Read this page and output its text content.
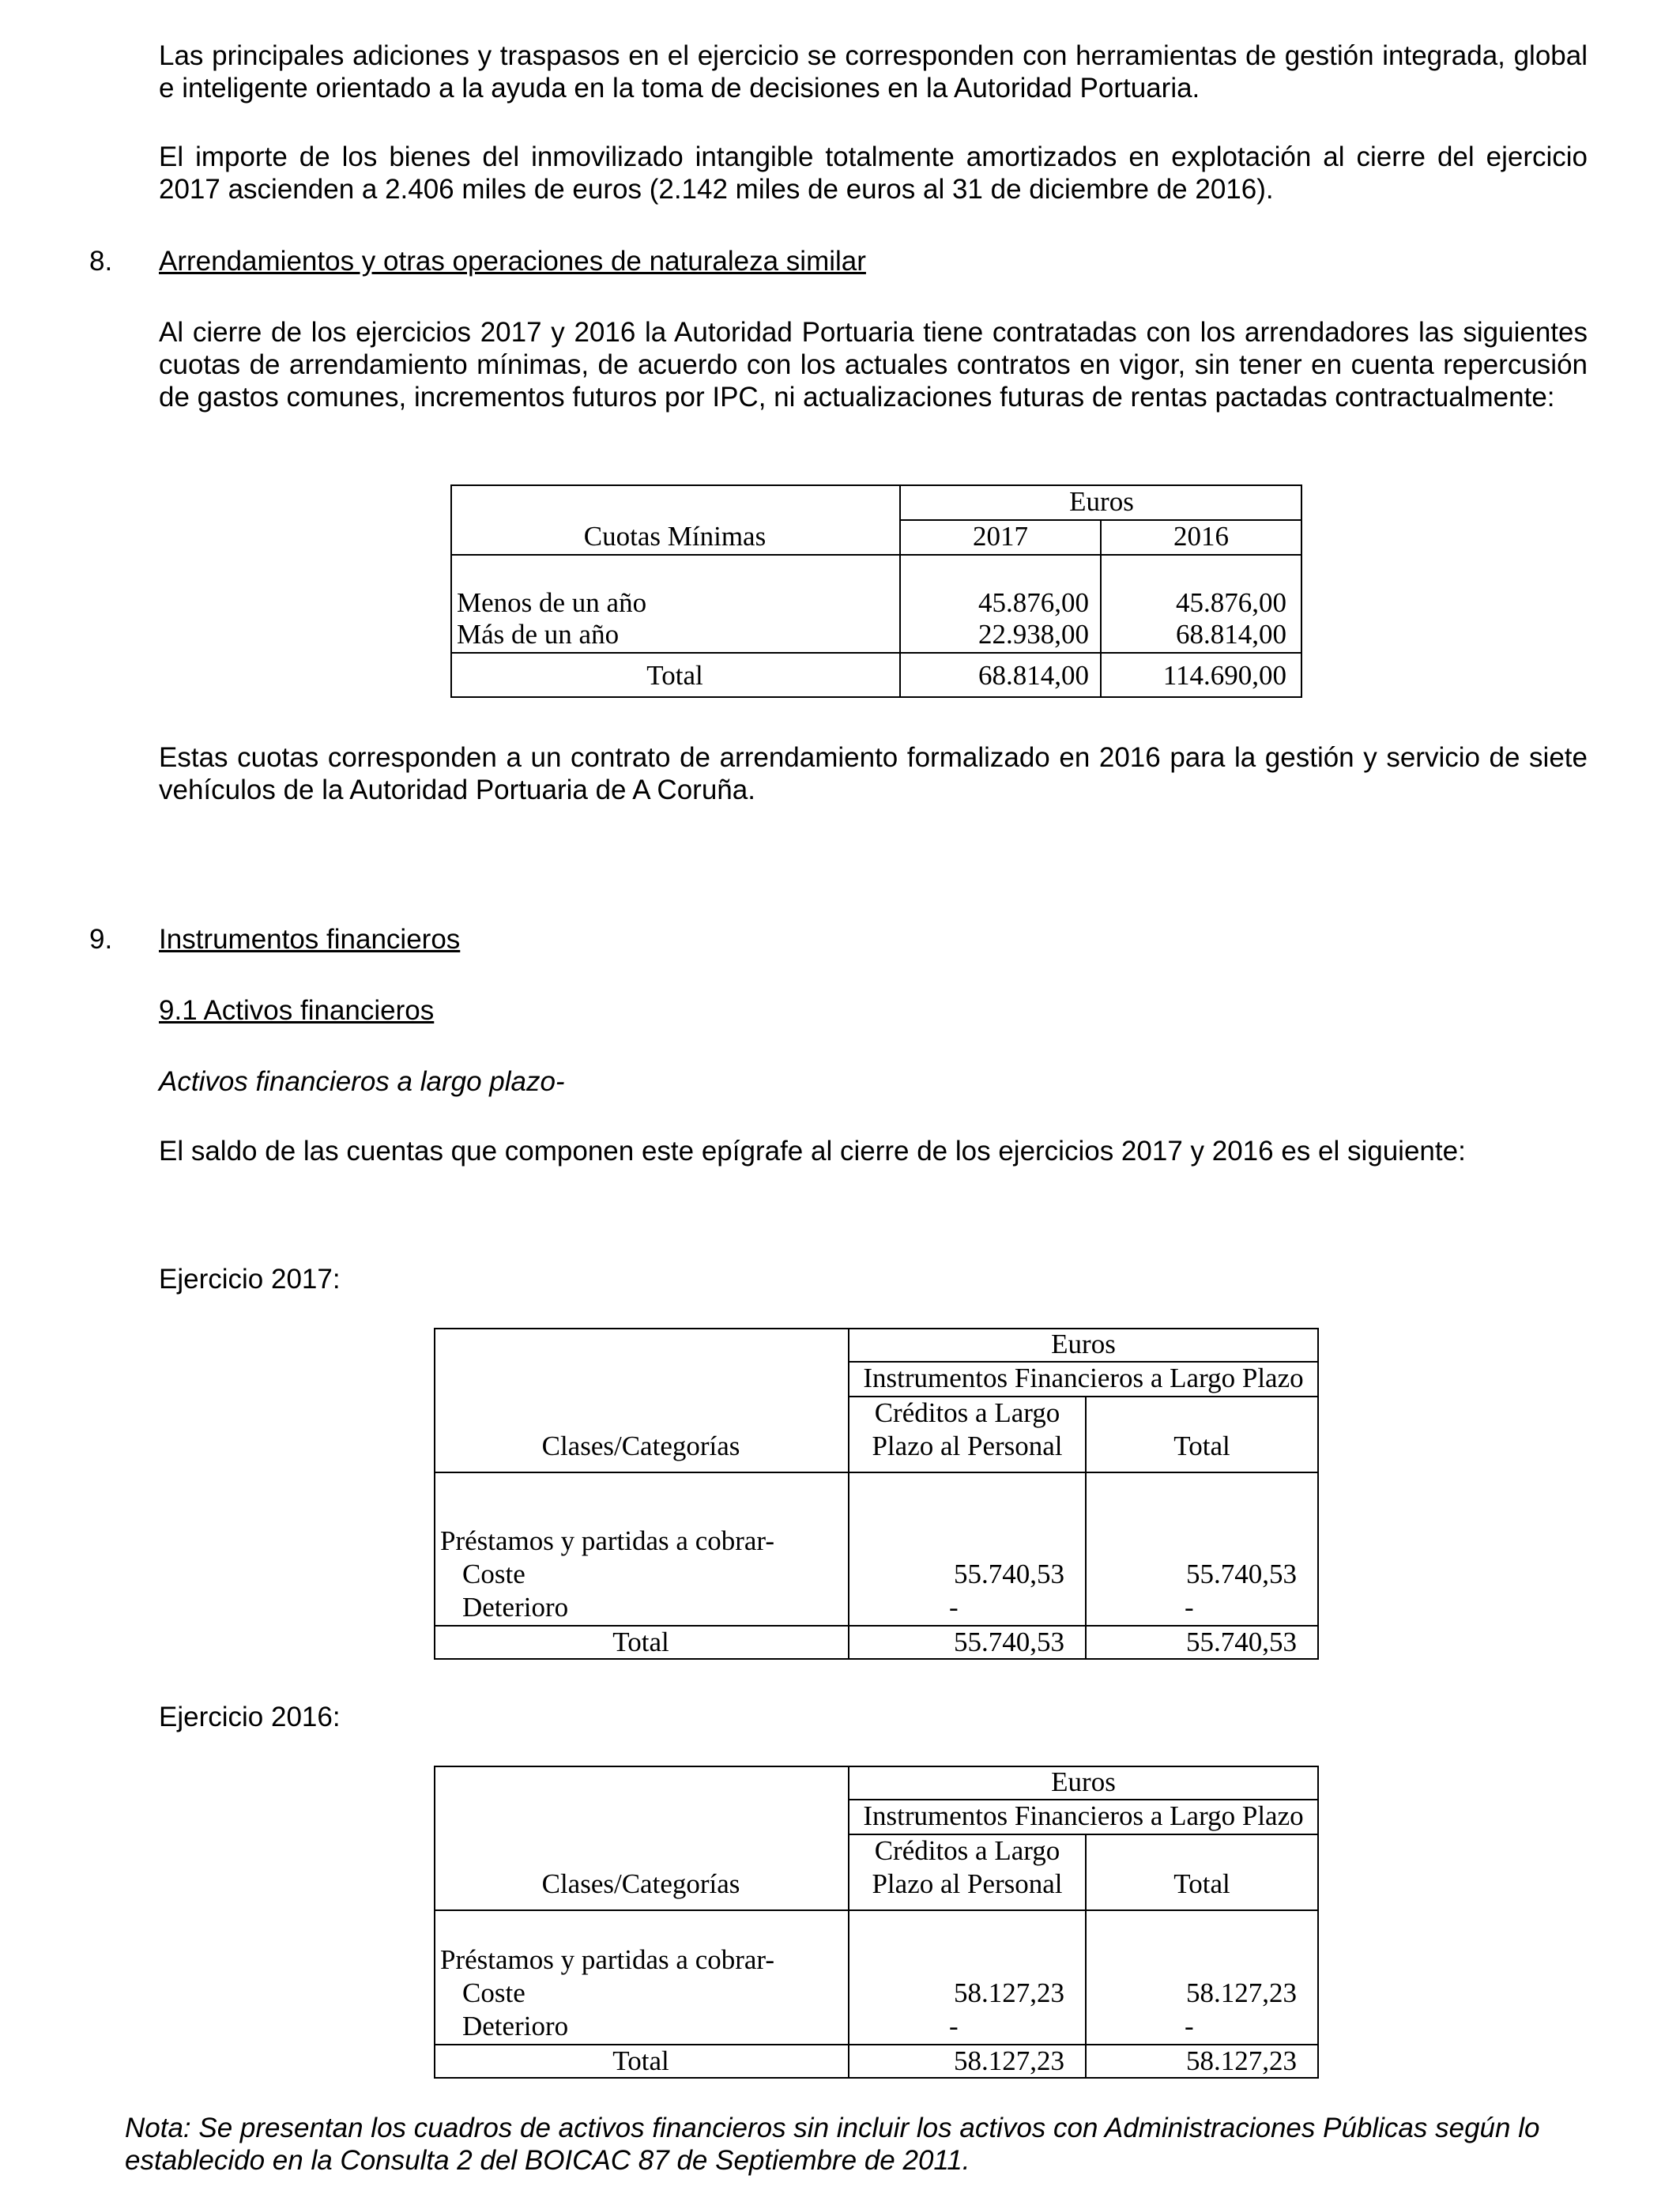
Las principales adiciones y traspasos en el ejercicio se corresponden con herramientas de gestión integrada, global e inteligente orientado a la ayuda en la toma de decisiones en la Autoridad Portuaria.
El importe de los bienes del inmovilizado intangible totalmente amortizados en explotación al cierre del ejercicio 2017 ascienden a 2.406 miles de euros (2.142 miles de euros al 31 de diciembre de 2016).
8. Arrendamientos y otras operaciones de naturaleza similar
Al cierre de los ejercicios 2017 y 2016 la Autoridad Portuaria tiene contratadas con los arrendadores las siguientes cuotas de arrendamiento mínimas, de acuerdo con los actuales contratos en vigor, sin tener en cuenta repercusión de gastos comunes, incrementos futuros por IPC, ni actualizaciones futuras de rentas pactadas contractualmente:
Euros
Cuotas Mínimas	2017	2016
Menos de un año	45.876,00	45.876,00
Más de un año	22.938,00	68.814,00
Total	68.814,00	114.690,00
Estas cuotas corresponden a un contrato de arrendamiento formalizado en 2016 para la gestión y servicio de siete vehículos de la Autoridad Portuaria de A Coruña.
9. Instrumentos financieros
9.1 Activos financieros
Activos financieros a largo plazo-
El saldo de las cuentas que componen este epígrafe al cierre de los ejercicios 2017 y 2016 es el siguiente:
Ejercicio 2017:
Euros
Instrumentos Financieros a Largo Plazo
Créditos a Largo
Plazo al Personal	Total
Clases/Categorías
Préstamos y partidas a cobrar-
Coste	55.740,53	55.740,53
Deterioro	-	-
Total	55.740,53	55.740,53
Ejercicio 2016:
Euros
Instrumentos Financieros a Largo Plazo
Créditos a Largo
Plazo al Personal	Total
Clases/Categorías
Préstamos y partidas a cobrar-
Coste	58.127,23	58.127,23
Deterioro	-	-
Total	58.127,23	58.127,23
Nota: Se presentan los cuadros de activos financieros sin incluir los activos con Administraciones Públicas según lo establecido en la Consulta 2 del BOICAC 87 de Septiembre de 2011.
